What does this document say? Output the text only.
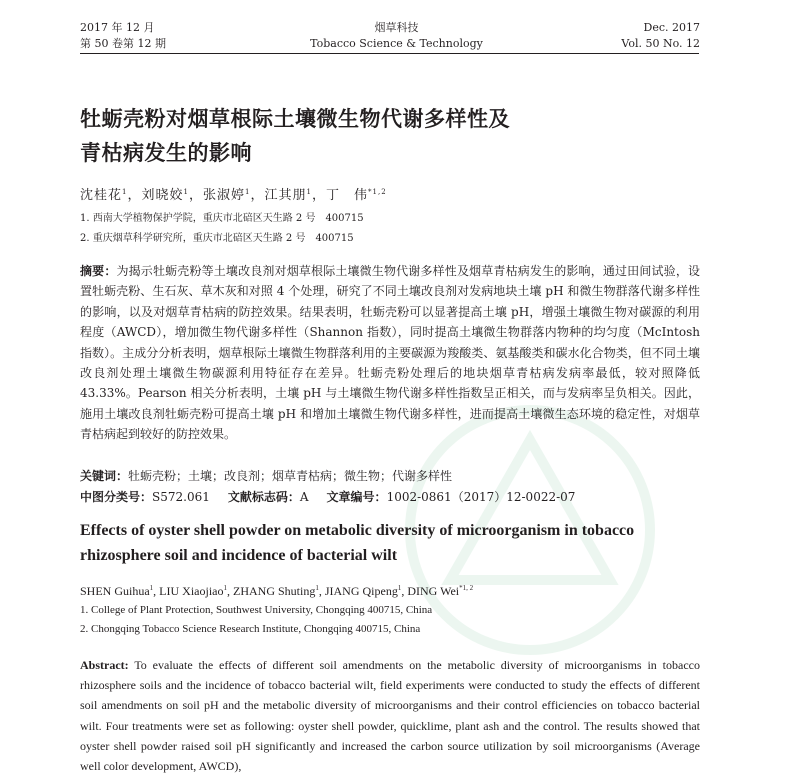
2017 年 12 月
第 50 卷第 12 期
烟草科技
Tobacco Science & Technology
Dec. 2017
Vol. 50 No. 12
牡蛎壳粉对烟草根际土壤微生物代谢多样性及
青枯病发生的影响
沈桂花$^1$，刘晓姣$^1$，张淑婷$^1$，江其朋$^1$，丁　伟$^{*1,2}$
1. 西南大学植物保护学院，重庆市北碚区天生路 2 号　400715
2. 重庆烟草科学研究所，重庆市北碚区天生路 2 号　400715
摘要：为揭示牡蛎壳粉等土壤改良剂对烟草根际土壤微生物代谢多样性及烟草青枯病发生的影响，通过田间试验，设置牡蛎壳粉、生石灰、草木灰和对照 4 个处理，研究了不同土壤改良剂对发病地块土壤 pH 和微生物群落代谢多样性的影响，以及对烟草青枯病的防控效果。结果表明，牡蛎壳粉可以显著提高土壤 pH，增强土壤微生物对碳源的利用程度（AWCD），增加微生物代谢多样性（Shannon 指数），同时提高土壤微生物群落内物种的均匀度（McIntosh 指数）。主成分分析表明，烟草根际土壤微生物群落利用的主要碳源为羧酸类、氨基酸类和碳水化合物类，但不同土壤改良剂处理土壤微生物碳源利用特征存在差异。牡蛎壳粉处理后的地块烟草青枯病发病率最低，较对照降低 43.33%。Pearson 相关分析表明，土壤 pH 与土壤微生物代谢多样性指数呈正相关，而与发病率呈负相关。因此，施用土壤改良剂牡蛎壳粉可提高土壤 pH 和增加土壤微生物代谢多样性，进而提高土壤微生态环境的稳定性，对烟草青枯病起到较好的防控效果。
关键词：牡蛎壳粉；土壤；改良剂；烟草青枯病；微生物；代谢多样性
中图分类号：S572.061 文献标志码：A 文章编号：1002-0861（2017）12-0022-07
Effects of oyster shell powder on metabolic diversity of microorganism in tobacco
rhizosphere soil and incidence of bacterial wilt
SHEN Guihua$^1$, LIU Xiaojiao$^1$, ZHANG Shuting$^1$, JIANG Qipeng$^1$, DING Wei$^{*1, 2}$
1. College of Plant Protection, Southwest University, Chongqing 400715, China
2. Chongqing Tobacco Science Research Institute, Chongqing 400715, China
Abstract: To evaluate the effects of different soil amendments on the metabolic diversity of microorganisms in tobacco rhizosphere soils and the incidence of tobacco bacterial wilt, field experiments were conducted to study the effects of different soil amendments on soil pH and the metabolic diversity of microorganisms and their control efficiencies on tobacco bacterial wilt. Four treatments were set as following: oyster shell powder, quicklime, plant ash and the control. The results showed that oyster shell powder raised soil pH significantly and increased the carbon source utilization by soil microorganisms (Average well color development, AWCD),
